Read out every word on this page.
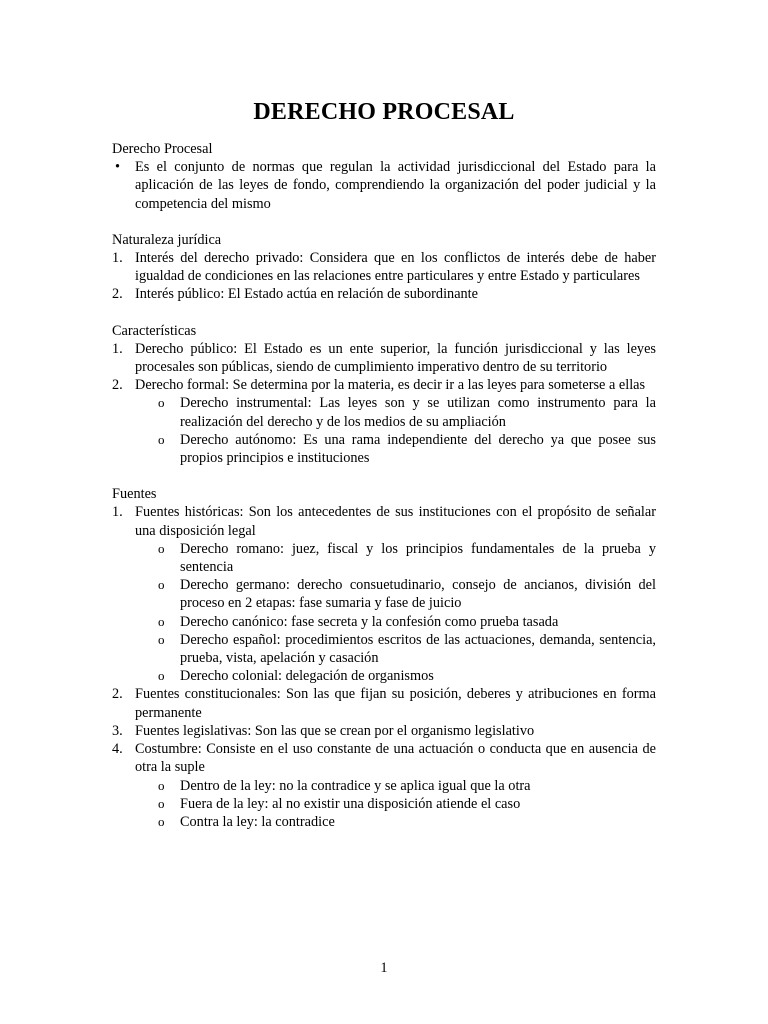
DERECHO PROCESAL
Derecho Procesal
•	Es el conjunto de normas que regulan la actividad jurisdiccional del Estado para la aplicación de las leyes de fondo, comprendiendo la organización del poder judicial y la competencia del mismo
Naturaleza jurídica
1. Interés del derecho privado: Considera que en los conflictos de interés debe de haber igualdad de condiciones en las relaciones entre particulares y entre Estado y particulares
2. Interés público: El Estado actúa en relación de subordinante
Características
1. Derecho público: El Estado es un ente superior, la función jurisdiccional y las leyes procesales son públicas, siendo de cumplimiento imperativo dentro de su territorio
2. Derecho formal: Se determina por la materia, es decir ir a las leyes para someterse a ellas
o Derecho instrumental: Las leyes son y se utilizan como instrumento para la realización del derecho y de los medios de su ampliación
o Derecho autónomo: Es una rama independiente del derecho ya que posee sus propios principios e instituciones
Fuentes
1. Fuentes históricas: Son los antecedentes de sus instituciones con el propósito de señalar una disposición legal
o Derecho romano: juez, fiscal y los principios fundamentales de la prueba y sentencia
o Derecho germano: derecho consuetudinario, consejo de ancianos, división del proceso en 2 etapas: fase sumaria y fase de juicio
o Derecho canónico: fase secreta y la confesión como prueba tasada
o Derecho español: procedimientos escritos de las actuaciones, demanda, sentencia, prueba, vista, apelación y casación
o Derecho colonial: delegación de organismos
2. Fuentes constitucionales: Son las que fijan su posición, deberes y atribuciones en forma permanente
3. Fuentes legislativas: Son las que se crean por el organismo legislativo
4. Costumbre: Consiste en el uso constante de una actuación o conducta que en ausencia de otra la suple
o Dentro de la ley: no la contradice y se aplica igual que la otra
o Fuera de la ley: al no existir una disposición atiende el caso
o Contra la ley: la contradice
1
